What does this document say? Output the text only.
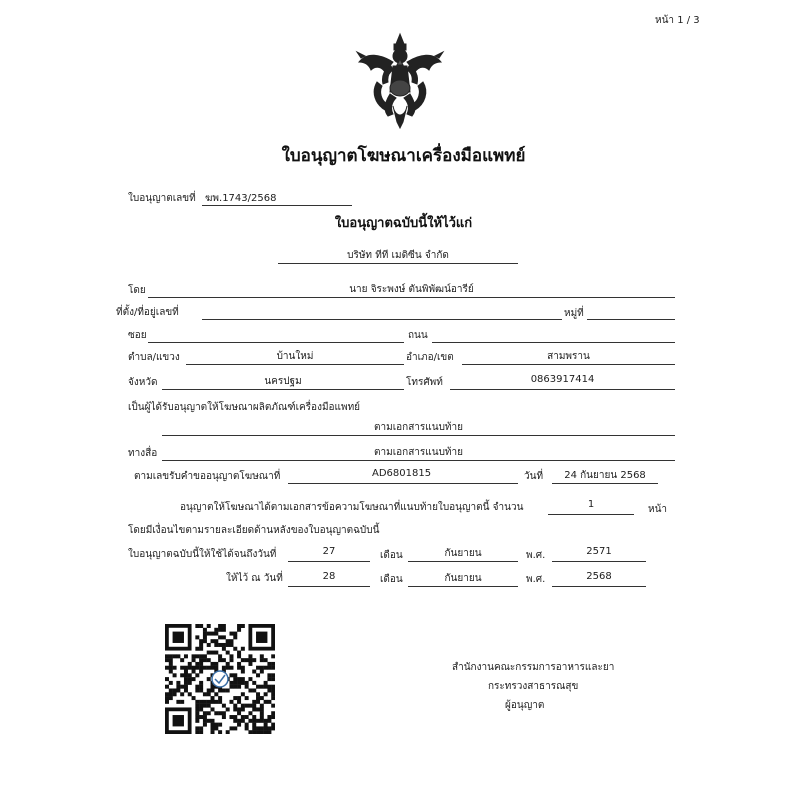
หน้า 1 / 3
ใบอนุญาตโฆษณาเครื่องมือแพทย์
ใบอนุญาตเลขที่ ฆพ.1743/2568
ใบอนุญาตฉบับนี้ให้ไว้แก่
บริษัท ทีที เมดิซีน จำกัด
โดย	นาย จิระพงษ์ ตันพิพัฒน์อารีย์
ที่ตั้ง/ที่อยู่เลขที่	หมู่ที่
ซอย	ถนน
ตำบล/แขวง	บ้านใหม่	อำเภอ/เขต	สามพราน
จังหวัด	นครปฐม	โทรศัพท์	0863917414
เป็นผู้ได้รับอนุญาตให้โฆษณาผลิตภัณฑ์เครื่องมือแพทย์
ตามเอกสารแนบท้าย
ทางสื่อ	ตามเอกสารแนบท้าย
ตามเลขรับคำขออนุญาตโฆษณาที่	AD6801815	วันที่	24 กันยายน 2568
อนุญาตให้โฆษณาได้ตามเอกสารข้อความโฆษณาที่แนบท้ายใบอนุญาตนี้ จำนวน	1	หน้า
โดยมีเงื่อนไขตามรายละเอียดด้านหลังของใบอนุญาตฉบับนี้
ใบอนุญาตฉบับนี้ให้ใช้ได้จนถึงวันที่	27	เดือน	กันยายน	พ.ศ.	2571
ให้ไว้ ณ วันที่	28	เดือน	กันยายน	พ.ศ.	2568
สำนักงานคณะกรรมการอาหารและยา
กระทรวงสาธารณสุข
ผู้อนุญาต
